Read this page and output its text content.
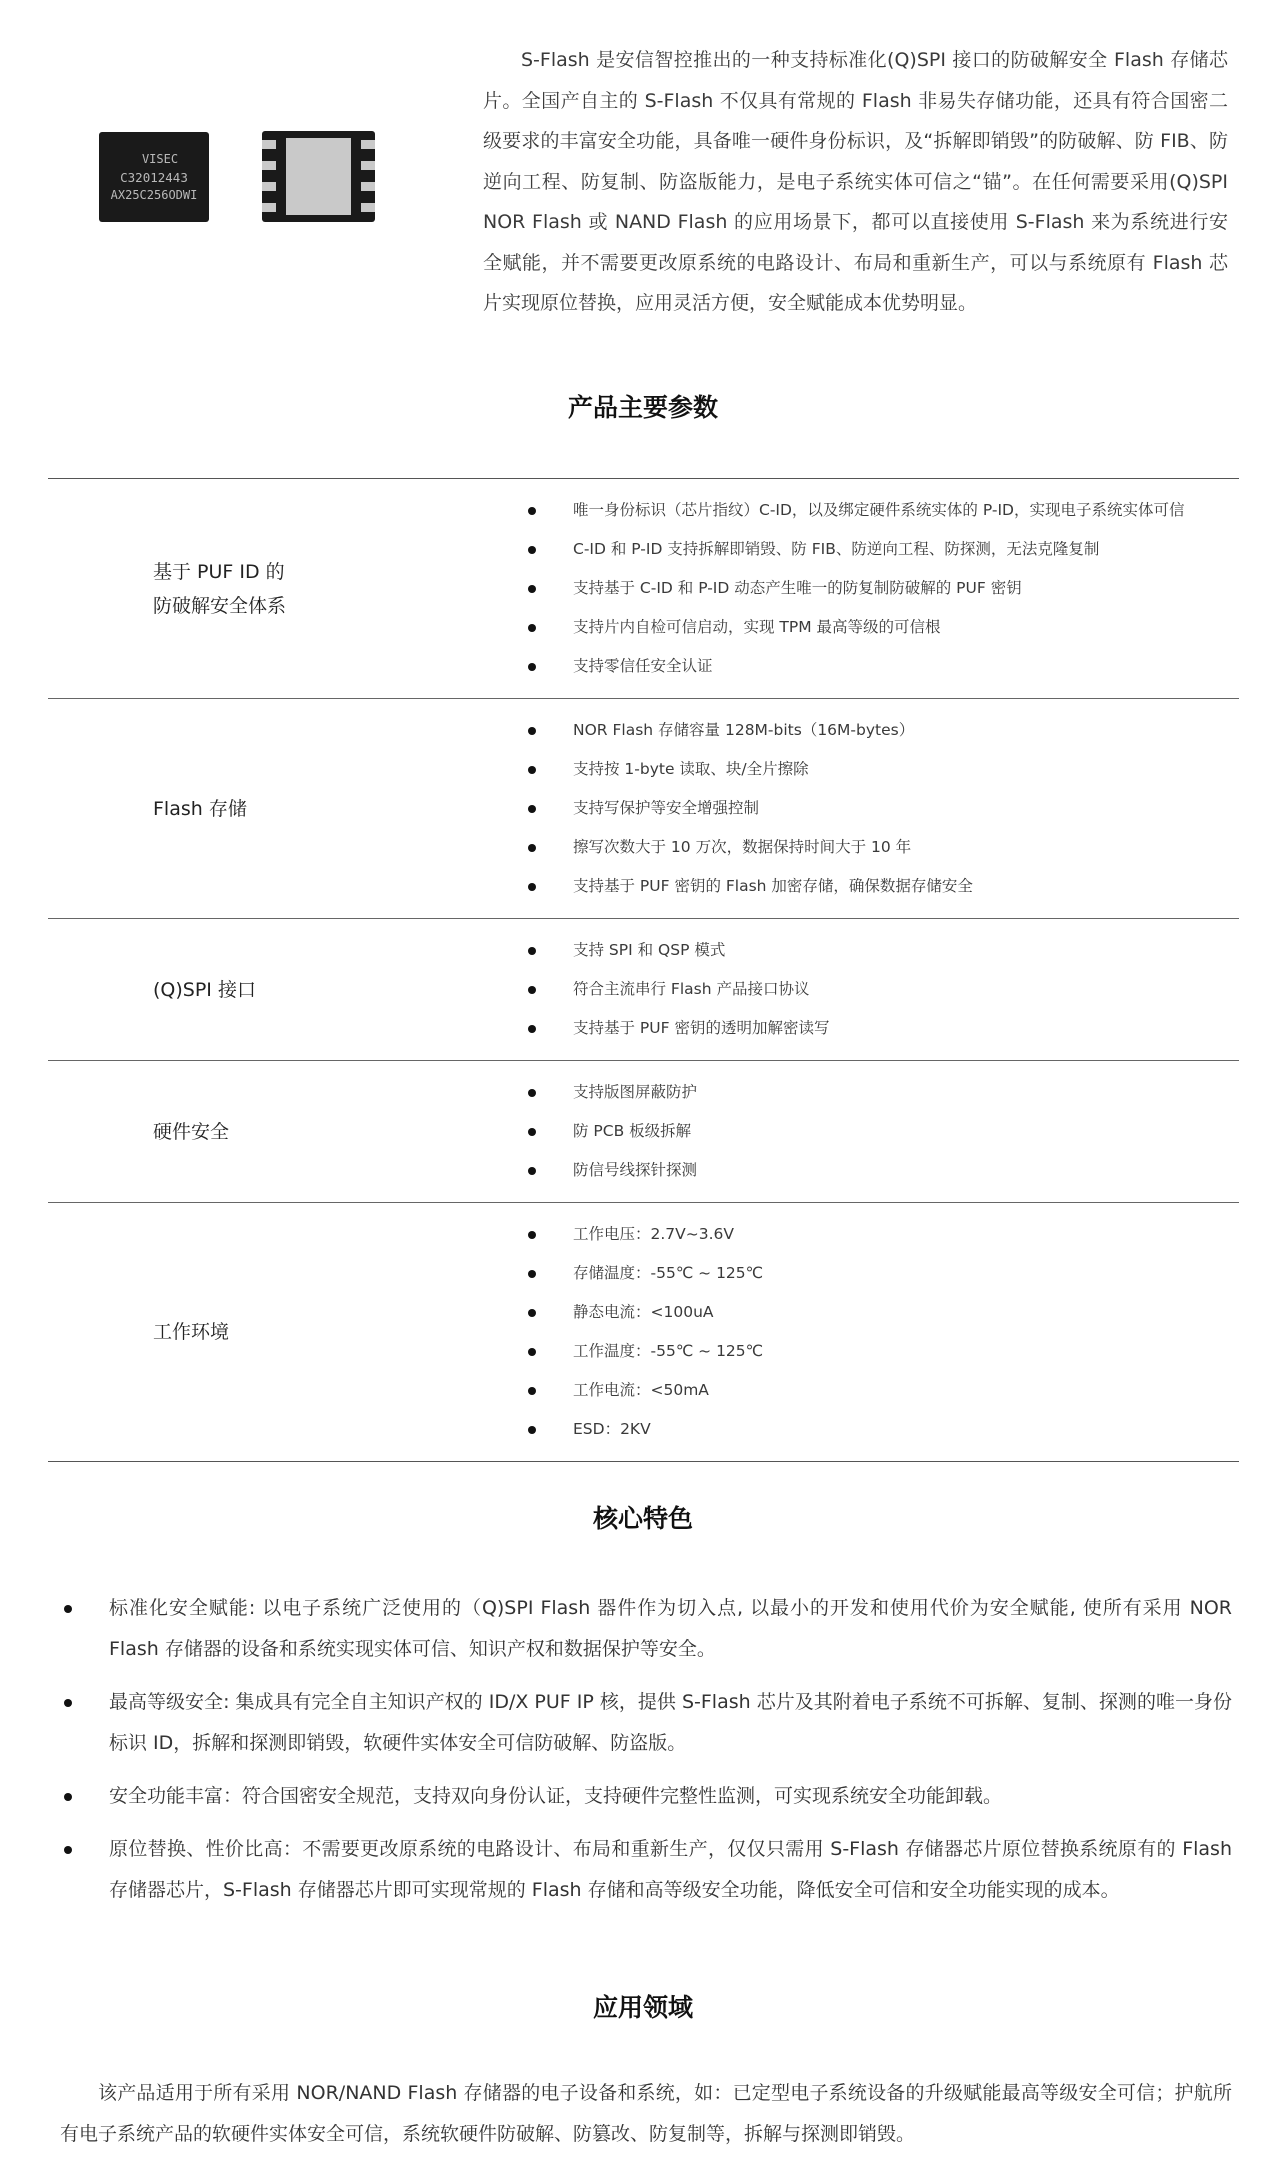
VISEC
C32012443
AX25C256ODWI
S-Flash 是安信智控推出的一种支持标准化(Q)SPI 接口的防破解安全 Flash 存储芯片。全国产自主的 S-Flash 不仅具有常规的 Flash 非易失存储功能，还具有符合国密二级要求的丰富安全功能，具备唯一硬件身份标识，及“拆解即销毁”的防破解、防 FIB、防逆向工程、防复制、防盗版能力，是电子系统实体可信之“锚”。在任何需要采用(Q)SPI NOR Flash 或 NAND Flash 的应用场景下，都可以直接使用 S-Flash 来为系统进行安全赋能，并不需要更改原系统的电路设计、布局和重新生产，可以与系统原有 Flash 芯片实现原位替换，应用灵活方便，安全赋能成本优势明显。
产品主要参数
基于 PUF ID 的
防破解安全体系
唯一身份标识（芯片指纹）C-ID，以及绑定硬件系统实体的 P-ID，实现电子系统实体可信
C-ID 和 P-ID 支持拆解即销毁、防 FIB、防逆向工程、防探测，无法克隆复制
支持基于 C-ID 和 P-ID 动态产生唯一的防复制防破解的 PUF 密钥
支持片内自检可信启动，实现 TPM 最高等级的可信根
支持零信任安全认证
Flash 存储
NOR Flash 存储容量 128M-bits（16M-bytes）
支持按 1-byte 读取、块/全片擦除
支持写保护等安全增强控制
擦写次数大于 10 万次，数据保持时间大于 10 年
支持基于 PUF 密钥的 Flash 加密存储，确保数据存储安全
(Q)SPI 接口
支持 SPI 和 QSP 模式
符合主流串行 Flash 产品接口协议
支持基于 PUF 密钥的透明加解密读写
硬件安全
支持版图屏蔽防护
防 PCB 板级拆解
防信号线探针探测
工作环境
工作电压：2.7V~3.6V
存储温度：-55℃ ~ 125℃
静态电流：<100uA
工作温度：-55℃ ~ 125℃
工作电流：<50mA
ESD：2KV
核心特色
标准化安全赋能: 以电子系统广泛使用的（Q)SPI Flash 器件作为切入点, 以最小的开发和使用代价为安全赋能, 使所有采用 NOR Flash 存储器的设备和系统实现实体可信、知识产权和数据保护等安全。
最高等级安全: 集成具有完全自主知识产权的 ID/X PUF IP 核，提供 S-Flash 芯片及其附着电子系统不可拆解、复制、探测的唯一身份标识 ID，拆解和探测即销毁，软硬件实体安全可信防破解、防盗版。
安全功能丰富：符合国密安全规范，支持双向身份认证，支持硬件完整性监测，可实现系统安全功能卸载。
原位替换、性价比高：不需要更改原系统的电路设计、布局和重新生产，仅仅只需用 S-Flash 存储器芯片原位替换系统原有的 Flash 存储器芯片，S-Flash 存储器芯片即可实现常规的 Flash 存储和高等级安全功能，降低安全可信和安全功能实现的成本。
应用领域
该产品适用于所有采用 NOR/NAND Flash 存储器的电子设备和系统，如：已定型电子系统设备的升级赋能最高等级安全可信；护航所有电子系统产品的软硬件实体安全可信，系统软硬件防破解、防篡改、防复制等，拆解与探测即销毁。
